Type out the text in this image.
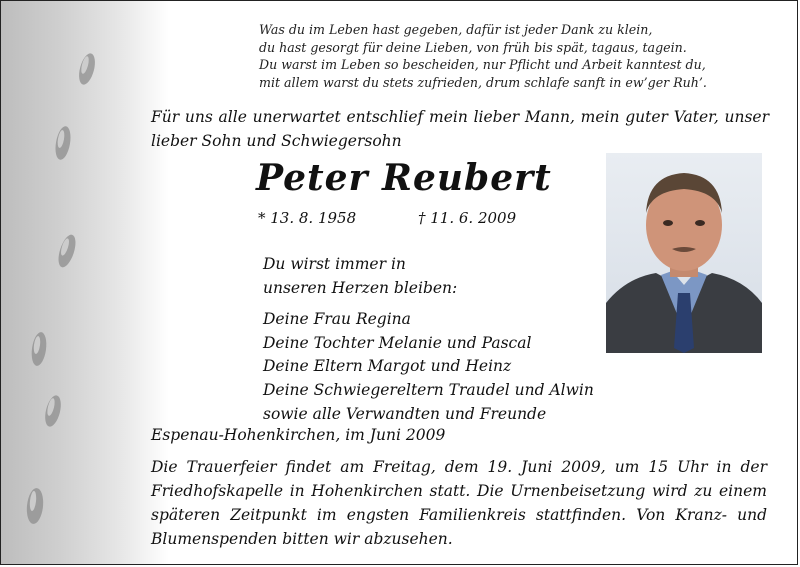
Was du im Leben hast gegeben, dafür ist jeder Dank zu klein,
du hast gesorgt für deine Lieben, von früh bis spät, tagaus, tagein.
Du warst im Leben so bescheiden, nur Pflicht und Arbeit kanntest du,
mit allem warst du stets zufrieden, drum schlafe sanft in ew’ger Ruh’.
Für uns alle unerwartet entschlief mein lieber Mann, mein guter Vater, unser lieber Sohn und Schwiegersohn
Peter Reubert
* 13. 8. 1958	† 11. 6. 2009
Du wirst immer in
unseren Herzen bleiben:
Deine Frau Regina
Deine Tochter Melanie und Pascal
Deine Eltern Margot und Heinz
Deine Schwiegereltern Traudel und Alwin
sowie alle Verwandten und Freunde
Espenau-Hohenkirchen, im Juni 2009
Die Trauerfeier findet am Freitag, dem 19. Juni 2009, um 15 Uhr in der Friedhofskapelle in Hohenkirchen statt. Die Urnenbeisetzung wird zu einem späteren Zeitpunkt im engsten Familienkreis stattfinden. Von Kranz- und Blumenspenden bitten wir abzusehen.
